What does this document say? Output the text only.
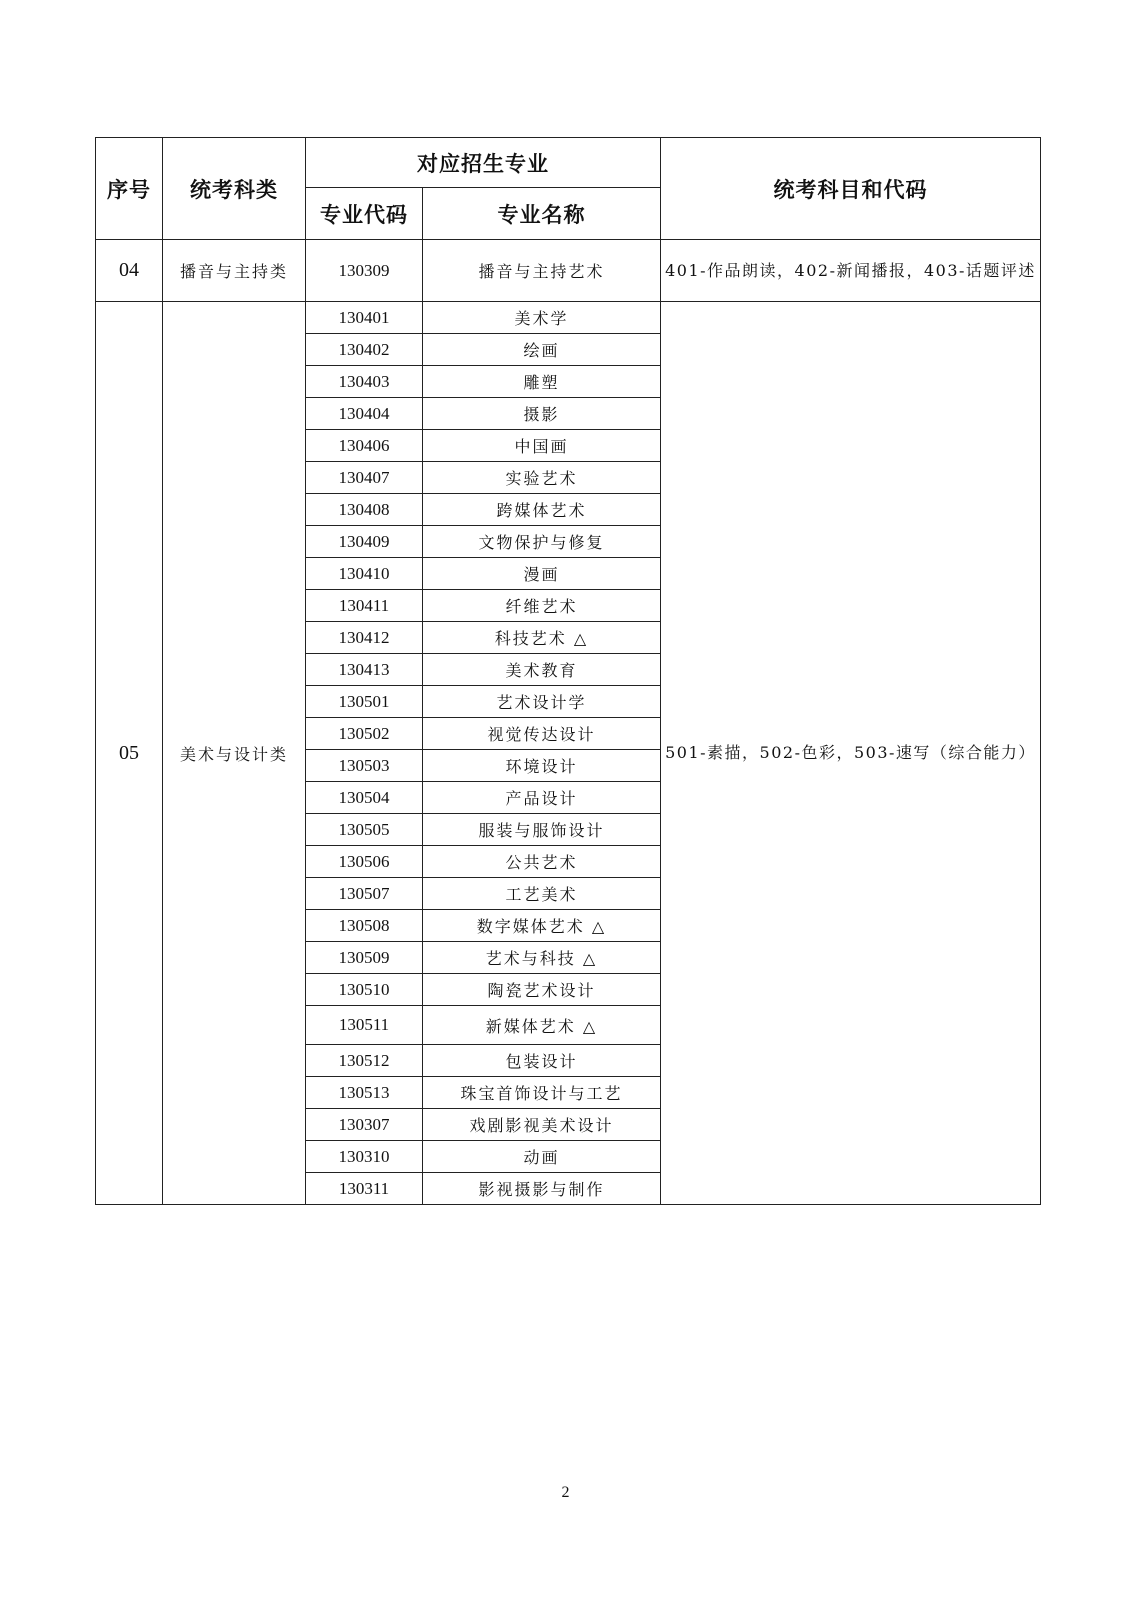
序号	统考科类	对应招生专业		统考科目和代码
		专业代码	专业名称	
04	播音与主持类	130309	播音与主持艺术	401-作品朗读，402-新闻播报，403-话题评述
05	美术与设计类	130401	美术学	501-素描，502-色彩，503-速写（综合能力）
		130402	绘画	
		130403	雕塑	
		130404	摄影	
		130406	中国画	
		130407	实验艺术	
		130408	跨媒体艺术	
		130409	文物保护与修复	
		130410	漫画	
		130411	纤维艺术	
		130412	科技艺术 △	
		130413	美术教育	
		130501	艺术设计学	
		130502	视觉传达设计	
		130503	环境设计	
		130504	产品设计	
		130505	服装与服饰设计	
		130506	公共艺术	
		130507	工艺美术	
		130508	数字媒体艺术 △	
		130509	艺术与科技 △	
		130510	陶瓷艺术设计	
		130511	新媒体艺术 △	
		130512	包装设计	
		130513	珠宝首饰设计与工艺	
		130307	戏剧影视美术设计	
		130310	动画	
		130311	影视摄影与制作	
2
